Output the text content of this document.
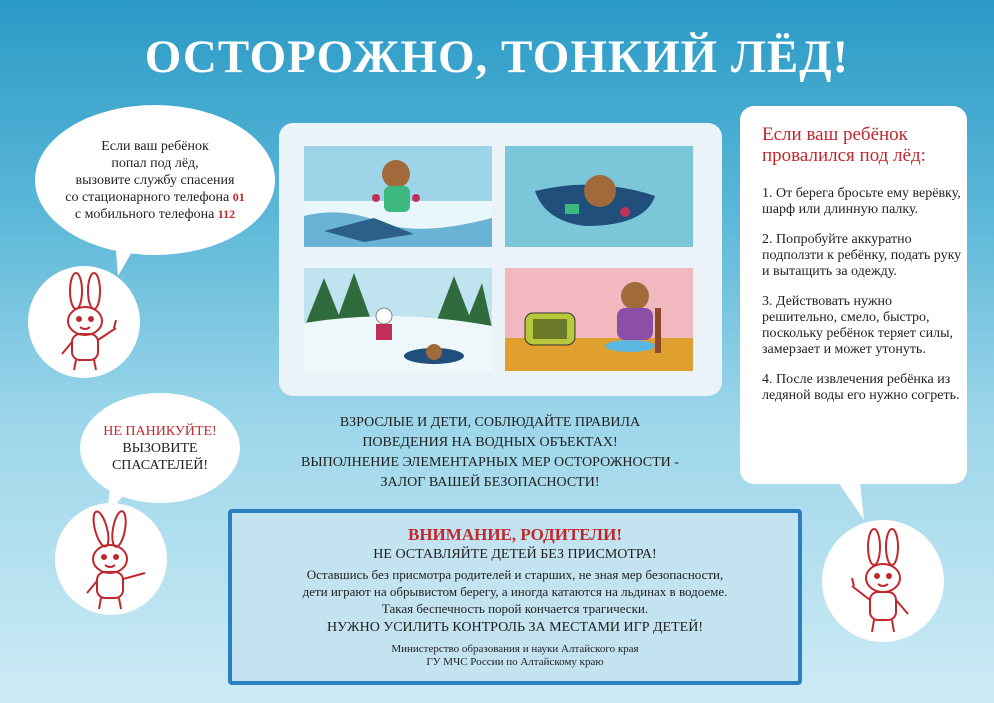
ОСТОРОЖНО, ТОНКИЙ ЛЁД!
Если ваш ребёнок
попал под лёд,
вызовите службу спасения
со стационарного телефона 01
с мобильного телефона 112
НЕ ПАНИКУЙТЕ!
ВЫЗОВИТЕ
СПАСАТЕЛЕЙ!
ВЗРОСЛЫЕ И ДЕТИ, СОБЛЮДАЙТЕ ПРАВИЛА
ПОВЕДЕНИЯ НА ВОДНЫХ ОБЪЕКТАХ!
ВЫПОЛНЕНИЕ ЭЛЕМЕНТАРНЫХ МЕР ОСТОРОЖНОСТИ -
ЗАЛОГ ВАШЕЙ БЕЗОПАСНОСТИ!
Если ваш ребёнок
провалился под лёд:

1. От берега бросьте ему верёвку, шарф или длинную палку.

2. Попробуйте аккуратно подползти к ребёнку, подать руку и вытащить за одежду.

3. Действовать нужно решительно, смело, быстро, поскольку ребёнок теряет силы, замерзает и может утонуть.

4. После извлечения ребёнка из ледяной воды его нужно согреть.

ВНИМАНИЕ, РОДИТЕЛИ!
НЕ ОСТАВЛЯЙТЕ ДЕТЕЙ БЕЗ ПРИСМОТРА!
Оставшись без присмотра родителей и старших, не зная мер безопасности,
дети играют на обрывистом берегу, а иногда катаются на льдинах в водоеме.
Такая беспечность порой кончается трагически.
НУЖНО УСИЛИТЬ КОНТРОЛЬ ЗА МЕСТАМИ ИГР ДЕТЕЙ!
Министерство образования и науки Алтайского края
ГУ МЧС России по Алтайскому краю
